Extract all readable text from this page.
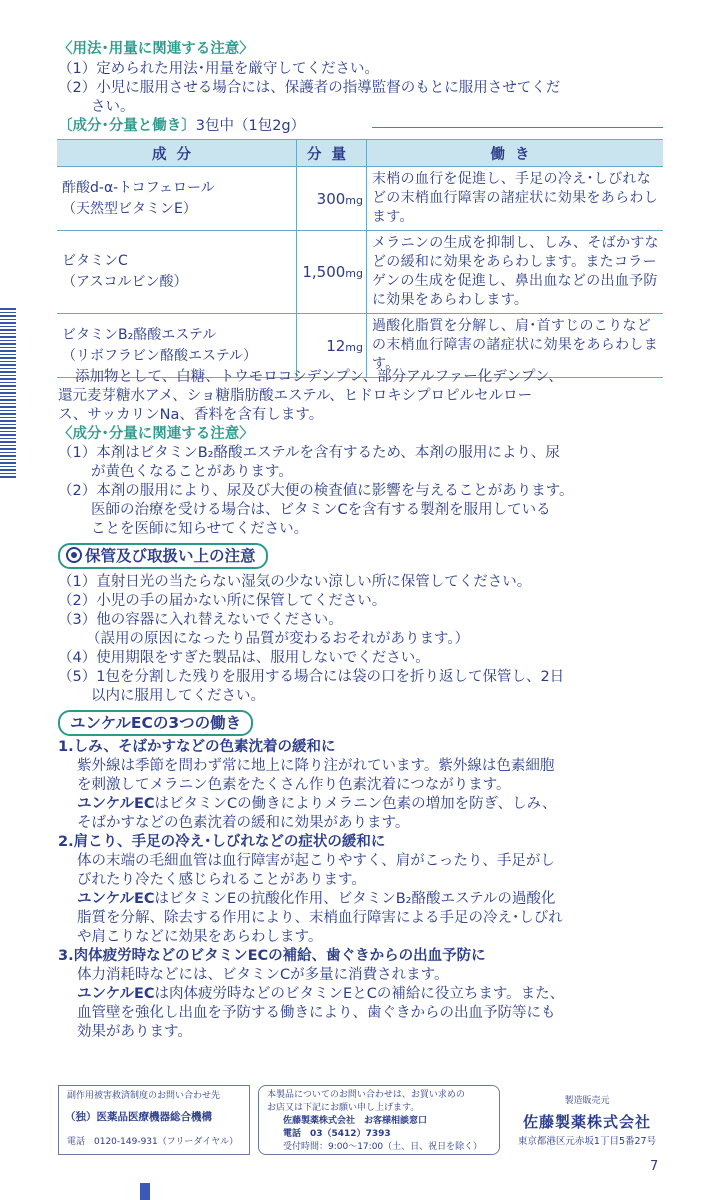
〈用法･用量に関連する注意〉
（1）定められた用法･用量を厳守してください。
（2）小児に服用させる場合には、保護者の指導監督のもとに服用させてくだ
さい。
〔成分･分量と働き〕3包中（1包2g）
成分	分量	働き

酢酸d-α-トコフェロール
（天然型ビタミンE）	300mg	末梢の血行を促進し、手足の冷え･しびれなどの末梢血行障害の諸症状に効果をあらわします。

ビタミンC
（アスコルビン酸）	1,500mg	メラニンの生成を抑制し、しみ、そばかすなどの緩和に効果をあらわします。またコラーゲンの生成を促進し、鼻出血などの出血予防に効果をあらわします。

ビタミンB₂酪酸エステル
（リボフラビン酪酸エステル）	12mg	過酸化脂質を分解し、肩･首すじのこりなどの末梢血行障害の諸症状に効果をあらわします。
添加物として、白糖、トウモロコシデンプン、部分アルファー化デンプン、
還元麦芽糖水アメ、ショ糖脂肪酸エステル、ヒドロキシプロピルセルロー
ス、サッカリンNa、香料を含有します。
〈成分･分量に関連する注意〉
（1）本剤はビタミンB₂酪酸エステルを含有するため、本剤の服用により、尿
が黄色くなることがあります。
（2）本剤の服用により、尿及び大便の検査値に影響を与えることがあります。
医師の治療を受ける場合は、ビタミンCを含有する製剤を服用している
ことを医師に知らせてください。
保管及び取扱い上の注意
（1）直射日光の当たらない湿気の少ない涼しい所に保管してください。
（2）小児の手の届かない所に保管してください。
（3）他の容器に入れ替えないでください。
（誤用の原因になったり品質が変わるおそれがあります。）
（4）使用期限をすぎた製品は、服用しないでください。
（5）1包を分割した残りを服用する場合には袋の口を折り返して保管し、2日
以内に服用してください。
ユンケルECの3つの働き
1.しみ、そばかすなどの色素沈着の緩和に
紫外線は季節を問わず常に地上に降り注がれています。紫外線は色素細胞
を刺激してメラニン色素をたくさん作り色素沈着につながります。
ユンケルECはビタミンCの働きによりメラニン色素の増加を防ぎ、しみ、
そばかすなどの色素沈着の緩和に効果があります。
2.肩こり、手足の冷え･しびれなどの症状の緩和に
体の末端の毛細血管は血行障害が起こりやすく、肩がこったり、手足がし
びれたり冷たく感じられることがあります。
ユンケルECはビタミンEの抗酸化作用、ビタミンB₂酪酸エステルの過酸化
脂質を分解、除去する作用により、末梢血行障害による手足の冷え･しびれ
や肩こりなどに効果をあらわします。
3.肉体疲労時などのビタミンECの補給、歯ぐきからの出血予防に
体力消耗時などには、ビタミンCが多量に消費されます。
ユンケルECは肉体疲労時などのビタミンEとCの補給に役立ちます。また、
血管壁を強化し出血を予防する働きにより、歯ぐきからの出血予防等にも
効果があります。
副作用被害救済制度のお問い合わせ先
（独）医薬品医療機器総合機構
電話　0120-149-931（フリーダイヤル）
本製品についてのお問い合わせは、お買い求めの
お店又は下記にお願い申し上げます。
佐藤製薬株式会社　お客様相談窓口
電話　03（5412）7393
受付時間：9:00～17:00（土、日、祝日を除く）
製造販売元
佐藤製薬株式会社
東京都港区元赤坂1丁目5番27号
7
